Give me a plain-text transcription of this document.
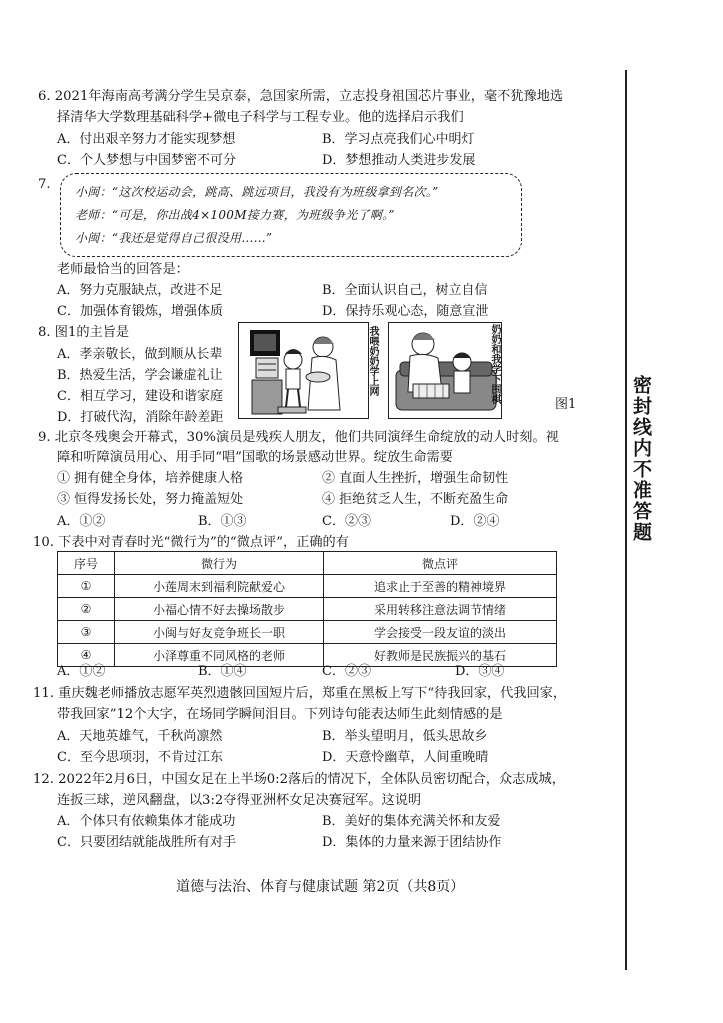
密封线内不准答题
6. 2021年海南高考满分学生吴京泰，急国家所需，立志投身祖国芯片事业，毫不犹豫地选
择清华大学数理基础科学+微电子科学与工程专业。他的选择启示我们
A．付出艰辛努力才能实现梦想	B．学习点亮我们心中明灯
C．个人梦想与中国梦密不可分	D．梦想推动人类进步发展
7. 小闽：“这次校运动会，跳高、跳远项目，我没有为班级拿到名次。”
老师：“可是，你出战4×100M接力赛，为班级争光了啊。”
小闽：“我还是觉得自己很没用……”
老师最恰当的回答是：
A．努力克服缺点，改进不足	B．全面认识自己，树立自信
C．加强体育锻炼，增强体质	D．保持乐观心态，随意宣泄
8. 图1的主旨是
A．孝亲敬长，做到顺从长辈
B．热爱生活，学会谦虚礼让
C．相互学习，建设和谐家庭
D．打破代沟，消除年龄差距
我喂奶奶学上网	奶奶和我学下围棋
图1
9. 北京冬残奥会开幕式，30%演员是残疾人朋友，他们共同演绎生命绽放的动人时刻。视
障和听障演员用心、用手同“唱”国歌的场景感动世界。绽放生命需要
① 拥有健全身体，培养健康人格	② 直面人生挫折，增强生命韧性
③ 恒得发扬长处，努力掩盖短处	④ 拒绝贫乏人生，不断充盈生命
A．①②	B．①③	C．②③	D．②④
10. 下表中对青春时光“微行为”的“微点评”，正确的有
序号	微行为	微点评
①	小莲周末到福利院献爱心	追求止于至善的精神境界
②	小福心情不好去操场散步	采用转移注意法调节情绪
③	小闽与好友竞争班长一职	学会接受一段友谊的淡出
④	小泽尊重不同风格的老师	好教师是民族振兴的基石
A．①②	B．①④	C．②③	D．③④
11. 重庆魏老师播放志愿军英烈遗骸回国短片后，郑重在黑板上写下“待我回家，代我回家，
带我回家”12个大字，在场同学瞬间泪目。下列诗句能表达师生此刻情感的是
A．天地英雄气，千秋尚凛然	B．举头望明月，低头思故乡
C．至今思项羽，不肯过江东	D．天意怜幽草，人间重晚晴
12. 2022年2月6日，中国女足在上半场0:2落后的情况下，全体队员密切配合，众志成城，
连扳三球，逆风翻盘，以3:2夺得亚洲杯女足决赛冠军。这说明
A．个体只有依赖集体才能成功	B．美好的集体充满关怀和友爱
C．只要团结就能战胜所有对手	D．集体的力量来源于团结协作
道德与法治、体育与健康试题 第2页（共8页）
